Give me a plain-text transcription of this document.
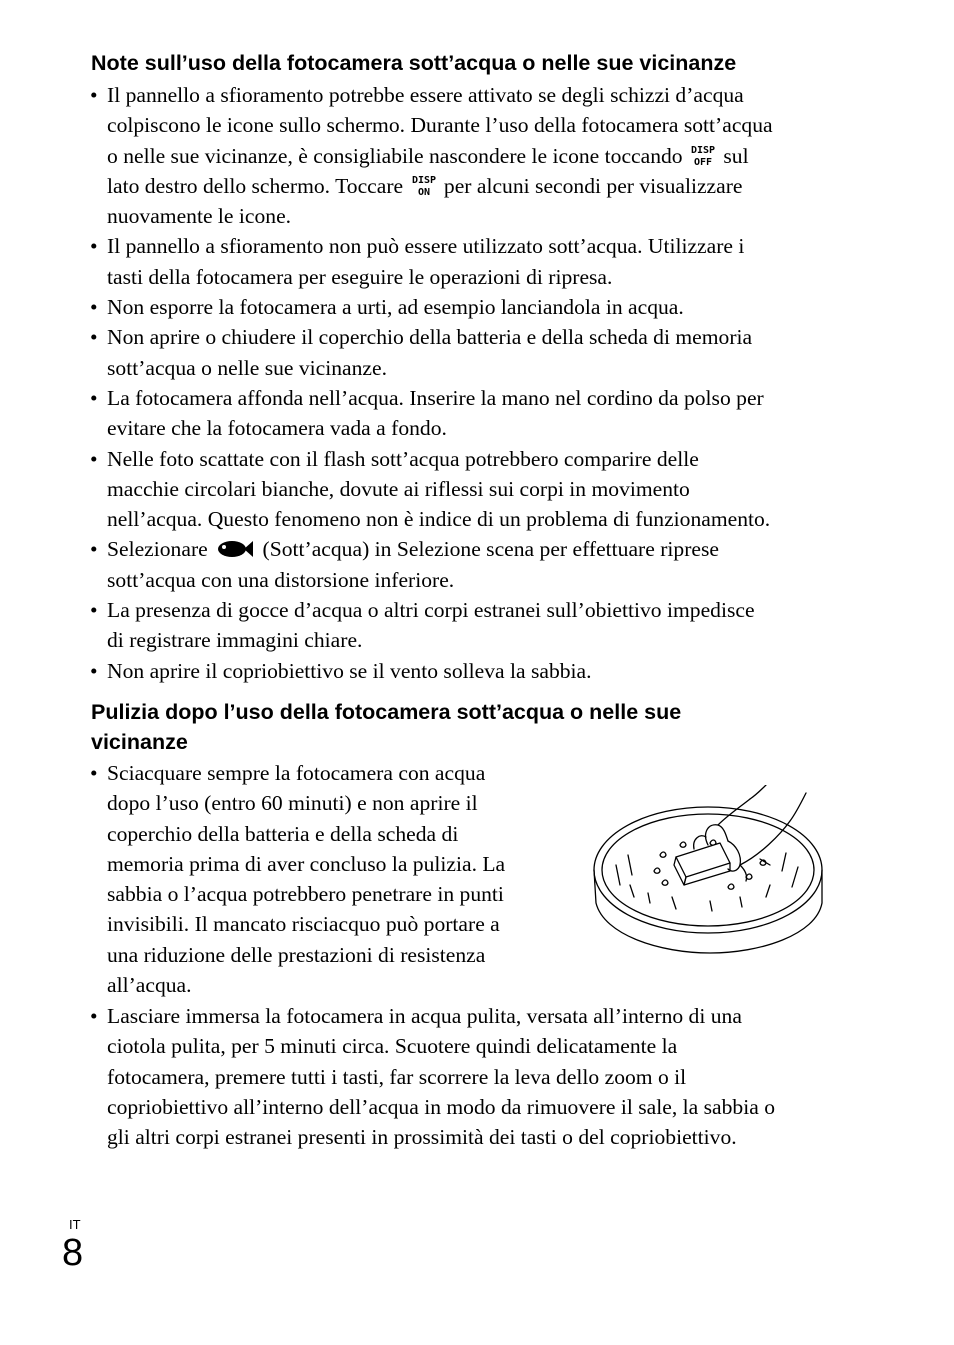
Note sull’uso della fotocamera sott’acqua o nelle sue vicinanze
• Il pannello a sfioramento potrebbe essere attivato se degli schizzi d’acqua
colpiscono le icone sullo schermo. Durante l’uso della fotocamera sott’acqua
o nelle sue vicinanze, è consigliabile nascondere le icone toccando DISP
OFF sul
lato destro dello schermo. Toccare DISP
ON per alcuni secondi per visualizzare
nuovamente le icone.
• Il pannello a sfioramento non può essere utilizzato sott’acqua. Utilizzare i
tasti della fotocamera per eseguire le operazioni di ripresa.
• Non esporre la fotocamera a urti, ad esempio lanciandola in acqua.
• Non aprire o chiudere il coperchio della batteria e della scheda di memoria
sott’acqua o nelle sue vicinanze.
• La fotocamera affonda nell’acqua. Inserire la mano nel cordino da polso per
evitare che la fotocamera vada a fondo.
• Nelle foto scattate con il flash sott’acqua potrebbero comparire delle
macchie circolari bianche, dovute ai riflessi sui corpi in movimento
nell’acqua. Questo fenomeno non è indice di un problema di funzionamento.
• Selezionare	(Sott’acqua) in Selezione scena per effettuare riprese
sott’acqua con una distorsione inferiore.
• La presenza di gocce d’acqua o altri corpi estranei sull’obiettivo impedisce
di registrare immagini chiare.
• Non aprire il copriobiettivo se il vento solleva la sabbia.
Pulizia dopo l’uso della fotocamera sott’acqua o nelle sue
vicinanze
• Sciacquare sempre la fotocamera con acqua
dopo l’uso (entro 60 minuti) e non aprire il
coperchio della batteria e della scheda di
memoria prima di aver concluso la pulizia. La
sabbia o l’acqua potrebbero penetrare in punti
invisibili. Il mancato risciacquo può portare a
una riduzione delle prestazioni di resistenza
all’acqua.
• Lasciare immersa la fotocamera in acqua pulita, versata all’interno di una
ciotola pulita, per 5 minuti circa. Scuotere quindi delicatamente la
fotocamera, premere tutti i tasti, far scorrere la leva dello zoom o il
copriobiettivo all’interno dell’acqua in modo da rimuovere il sale, la sabbia o
gli altri corpi estranei presenti in prossimità dei tasti o del copriobiettivo.
IT
8
